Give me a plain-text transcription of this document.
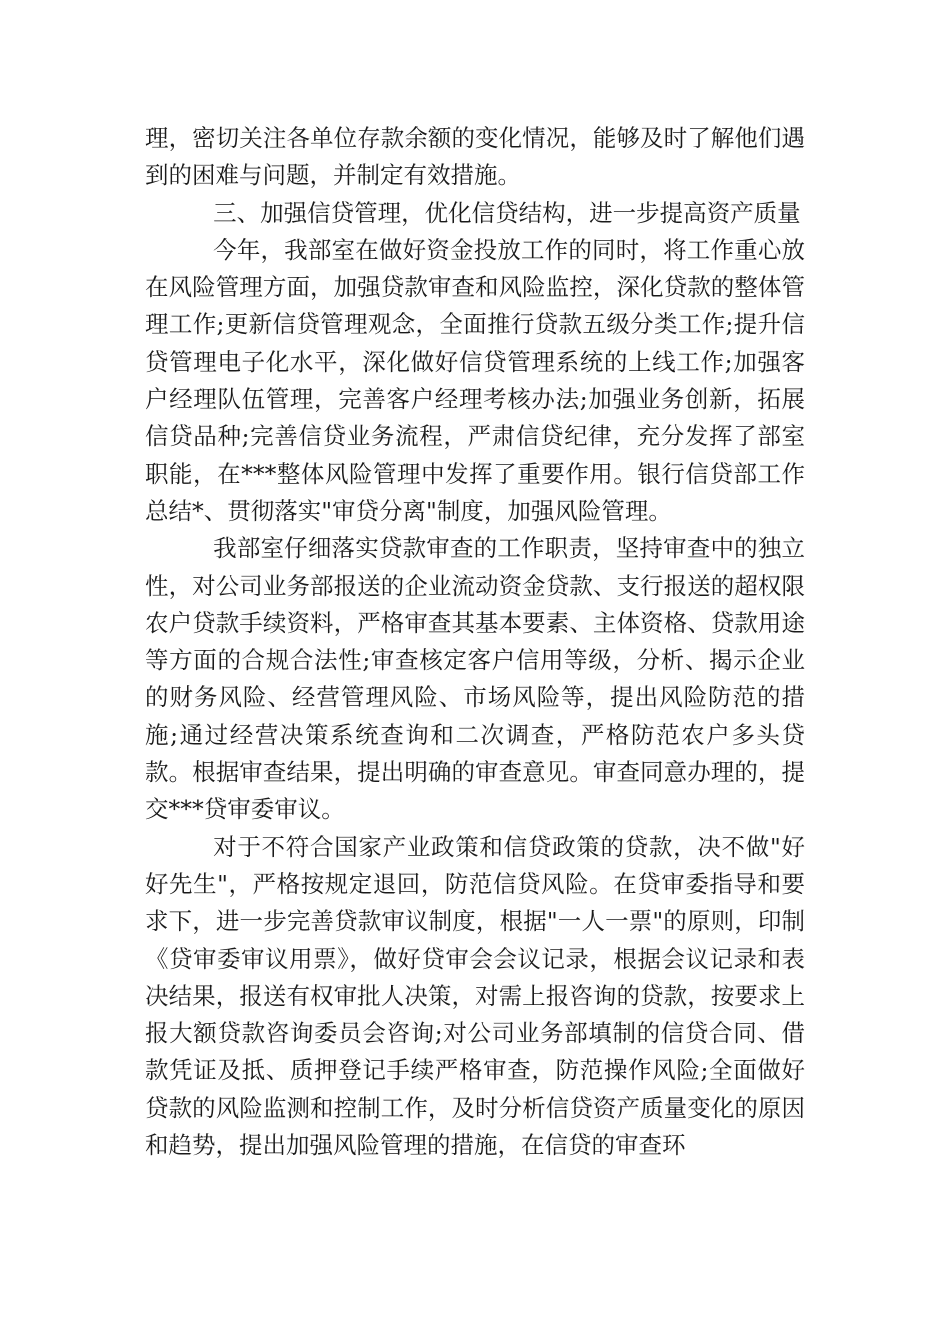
理，密切关注各单位存款余额的变化情况，能够及时了解他们遇到的困难与问题，并制定有效措施。

三、加强信贷管理，优化信贷结构，进一步提高资产质量

今年，我部室在做好资金投放工作的同时，将工作重心放在风险管理方面，加强贷款审查和风险监控，深化贷款的整体管理工作;更新信贷管理观念，全面推行贷款五级分类工作;提升信贷管理电子化水平，深化做好信贷管理系统的上线工作;加强客户经理队伍管理，完善客户经理考核办法;加强业务创新，拓展信贷品种;完善信贷业务流程，严肃信贷纪律，充分发挥了部室职能，在***整体风险管理中发挥了重要作用。银行信贷部工作总结*、贯彻落实"审贷分离"制度，加强风险管理。

我部室仔细落实贷款审查的工作职责，坚持审查中的独立性，对公司业务部报送的企业流动资金贷款、支行报送的超权限农户贷款手续资料，严格审查其基本要素、主体资格、贷款用途等方面的合规合法性;审查核定客户信用等级，分析、揭示企业的财务风险、经营管理风险、市场风险等，提出风险防范的措施;通过经营决策系统查询和二次调查，严格防范农户多头贷款。根据审查结果，提出明确的审查意见。审查同意办理的，提交***贷审委审议。

对于不符合国家产业政策和信贷政策的贷款，决不做"好好先生"，严格按规定退回，防范信贷风险。在贷审委指导和要求下，进一步完善贷款审议制度，根据"一人一票"的原则，印制《贷审委审议用票》，做好贷审会会议记录，根据会议记录和表决结果，报送有权审批人决策，对需上报咨询的贷款，按要求上报大额贷款咨询委员会咨询;对公司业务部填制的信贷合同、借款凭证及抵、质押登记手续严格审查，防范操作风险;全面做好贷款的风险监测和控制工作，及时分析信贷资产质量变化的原因和趋势，提出加强风险管理的措施，在信贷的审查环
